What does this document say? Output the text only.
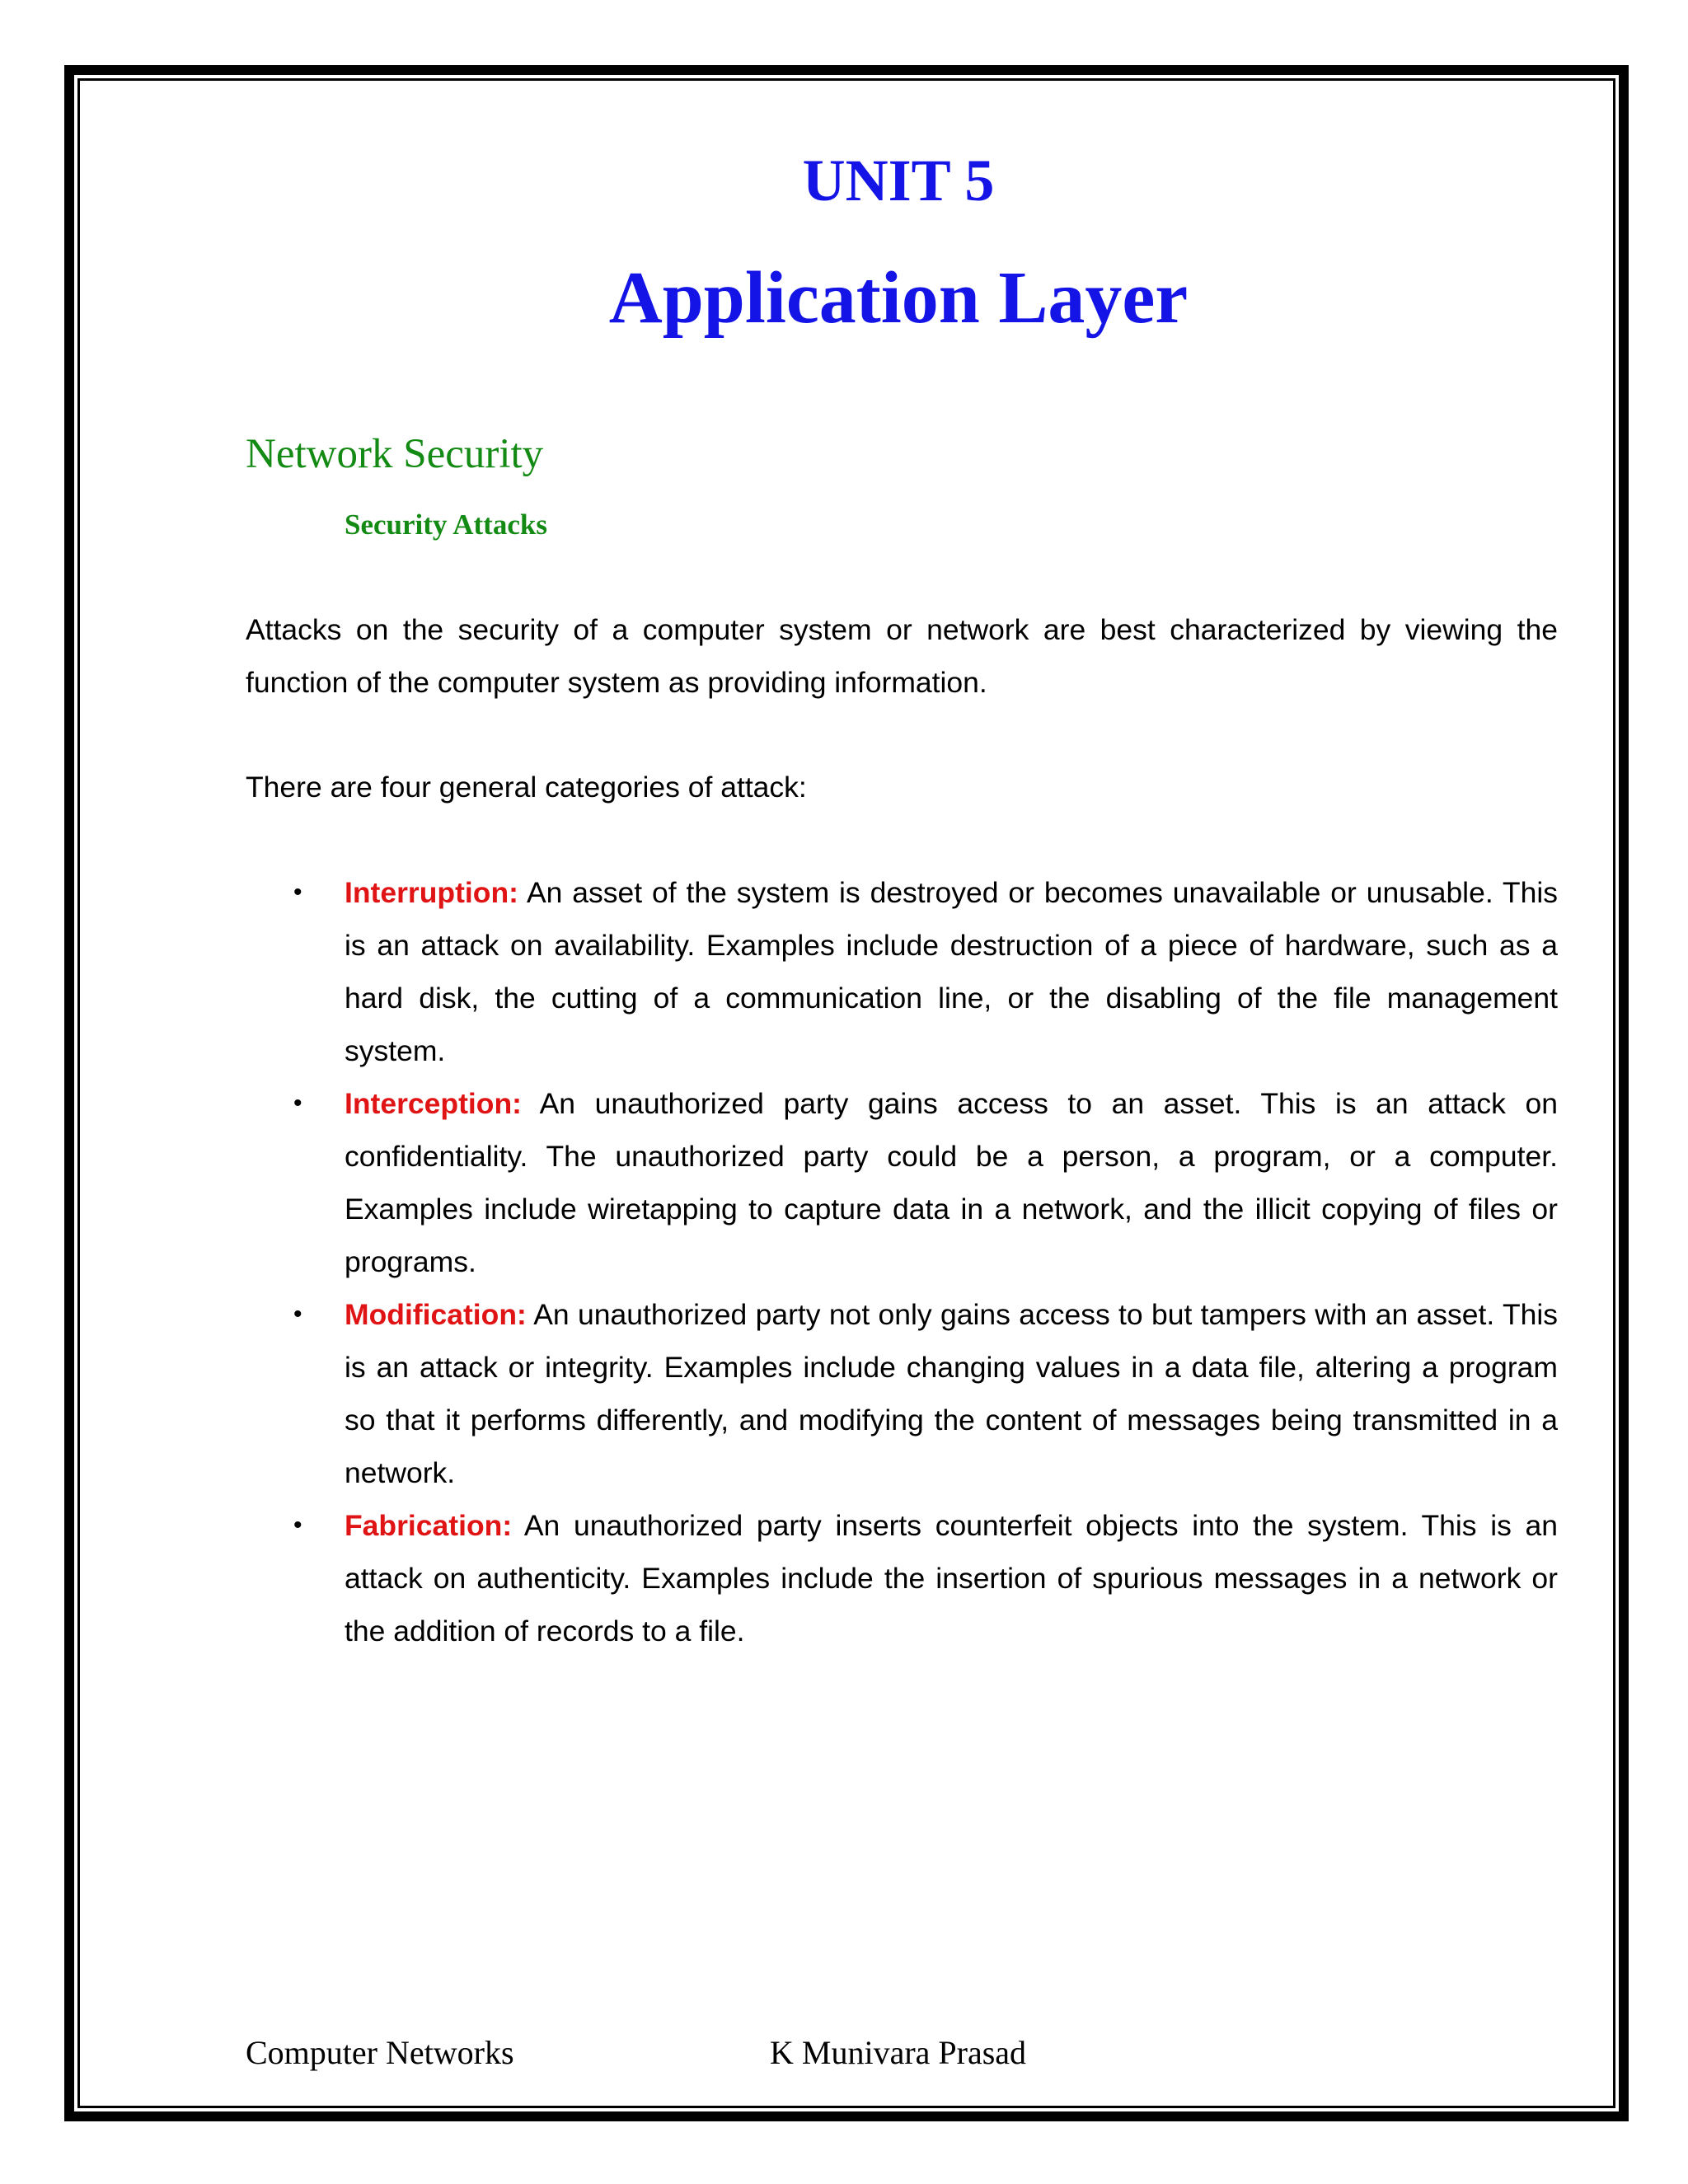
UNIT 5
Application Layer
Network Security
Security Attacks

Attacks on the security of a computer system or network are best characterized by viewing the function of the computer system as providing information.

There are four general categories of attack:

• Interruption: An asset of the system is destroyed or becomes unavailable or unusable. This is an attack on availability. Examples include destruction of a piece of hardware, such as a hard disk, the cutting of a communication line, or the disabling of the file management system.
• Interception: An unauthorized party gains access to an asset. This is an attack on confidentiality. The unauthorized party could be a person, a program, or a computer. Examples include wiretapping to capture data in a network, and the illicit copying of files or programs.
• Modification: An unauthorized party not only gains access to but tampers with an asset. This is an attack or integrity. Examples include changing values in a data file, altering a program so that it performs differently, and modifying the content of messages being transmitted in a network.
• Fabrication: An unauthorized party inserts counterfeit objects into the system. This is an attack on authenticity. Examples include the insertion of spurious messages in a network or the addition of records to a file.
Computer Networks	K Munivara Prasad
